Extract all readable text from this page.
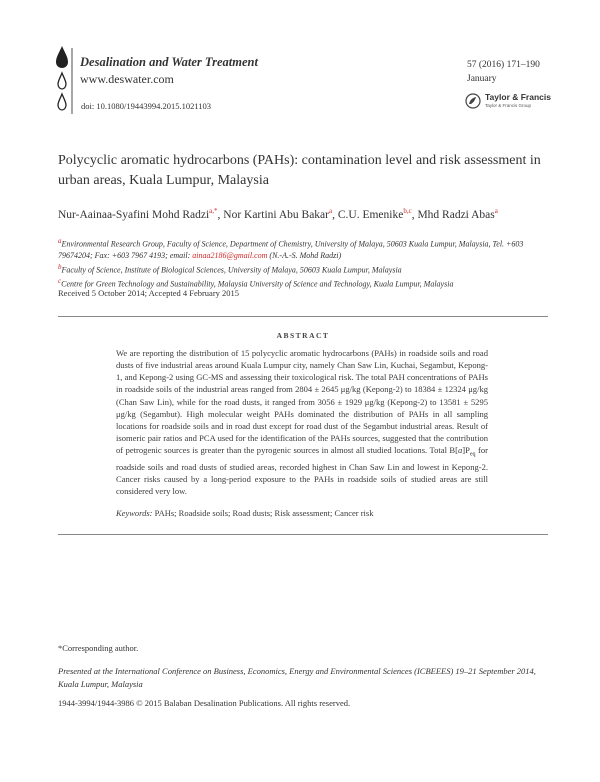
Desalination and Water Treatment
www.deswater.com
doi: 10.1080/19443994.2015.1021103
57 (2016) 171–190
January
Taylor & Francis
Taylor & Francis Group
Polycyclic aromatic hydrocarbons (PAHs): contamination level and risk assessment in urban areas, Kuala Lumpur, Malaysia
Nur-Aainaa-Syafini Mohd Radzi$^{a,*}$, Nor Kartini Abu Bakar$^a$, C.U. Emenike$^{b,c}$, Mhd Radzi Abas$^a$
$^a$Environmental Research Group, Faculty of Science, Department of Chemistry, University of Malaya, 50603 Kuala Lumpur, Malaysia, Tel. +603 79674204; Fax: +603 7967 4193; email: ainaa2186@gmail.com (N.-A.-S. Mohd Radzi)
$^b$Faculty of Science, Institute of Biological Sciences, University of Malaya, 50603 Kuala Lumpur, Malaysia
$^c$Centre for Green Technology and Sustainability, Malaysia University of Science and Technology, Kuala Lumpur, Malaysia
Received 5 October 2014; Accepted 4 February 2015
ABSTRACT
We are reporting the distribution of 15 polycyclic aromatic hydrocarbons (PAHs) in roadside soils and road dusts of five industrial areas around Kuala Lumpur city, namely Chan Saw Lin, Kuchai, Segambut, Kepong-1, and Kepong-2 using GC-MS and assessing their toxicological risk. The total PAH concentrations of PAHs in roadside soils of the industrial areas ranged from 2804 ± 2645 μg/kg (Kepong-2) to 18384 ± 12324 μg/kg (Chan Saw Lin), while for the road dusts, it ranged from 3056 ± 1929 μg/kg (Kepong-2) to 13581 ± 5295 μg/kg (Segambut). High molecular weight PAHs dominated the distribution of PAHs in all sampling locations for roadside soils and in road dust except for road dust of the Segambut industrial areas. Result of isomeric pair ratios and PCA used for the identification of the PAHs sources, suggested that the contribution of petrogenic sources is greater than the pyrogenic sources in almost all studied locations. Total $B[a]P_{eq}$ for roadside soils and road dusts of studied areas, recorded highest in Chan Saw Lin and lowest in Kepong-2. Cancer risks caused by a long-period exposure to the PAHs in roadside soils of studied areas are still considered very low.
Keywords: PAHs; Roadside soils; Road dusts; Risk assessment; Cancer risk
*Corresponding author.
Presented at the International Conference on Business, Economics, Energy and Environmental Sciences (ICBEEES) 19–21 September 2014, Kuala Lumpur, Malaysia
1944-3994/1944-3986 © 2015 Balaban Desalination Publications. All rights reserved.
